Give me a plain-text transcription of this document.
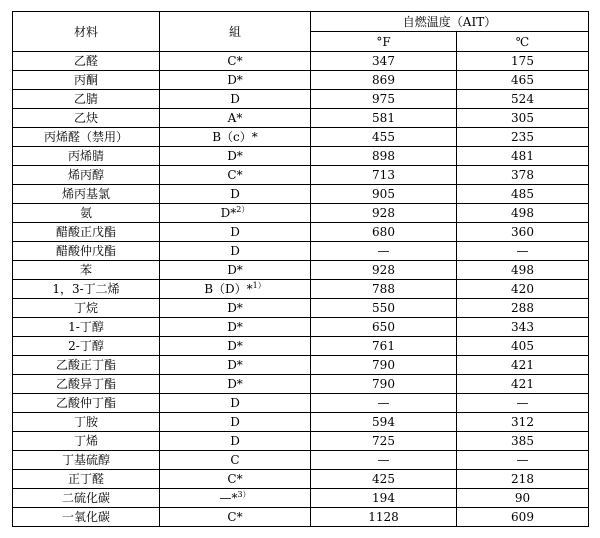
材料	組	自燃温度（AIT）	
		°F	℃
乙醛	C*	347	175
丙酮	D*	869	465
乙腈	D	975	524
乙炔	A*	581	305
丙烯醛（禁用）	B（c）*	455	235
丙烯腈	D*	898	481
烯丙醇	C*	713	378
烯丙基氯	D	905	485
氨	D*$^{2)}$	928	498
醋酸正戊酯	D	680	360
醋酸仲戊酯	D	—	—
苯	D*	928	498
1，3-丁二烯	B（D）*$^{1)}$	788	420
丁烷	D*	550	288
1-丁醇	D*	650	343
2-丁醇	D*	761	405
乙酸正丁酯	D*	790	421
乙酸异丁酯	D*	790	421
乙酸仲丁酯	D	—	—
丁胺	D	594	312
丁烯	D	725	385
丁基硫醇	C	—	—
正丁醛	C*	425	218
二硫化碳	—*$^{3)}$	194	90
一氧化碳	C*	1128	609
